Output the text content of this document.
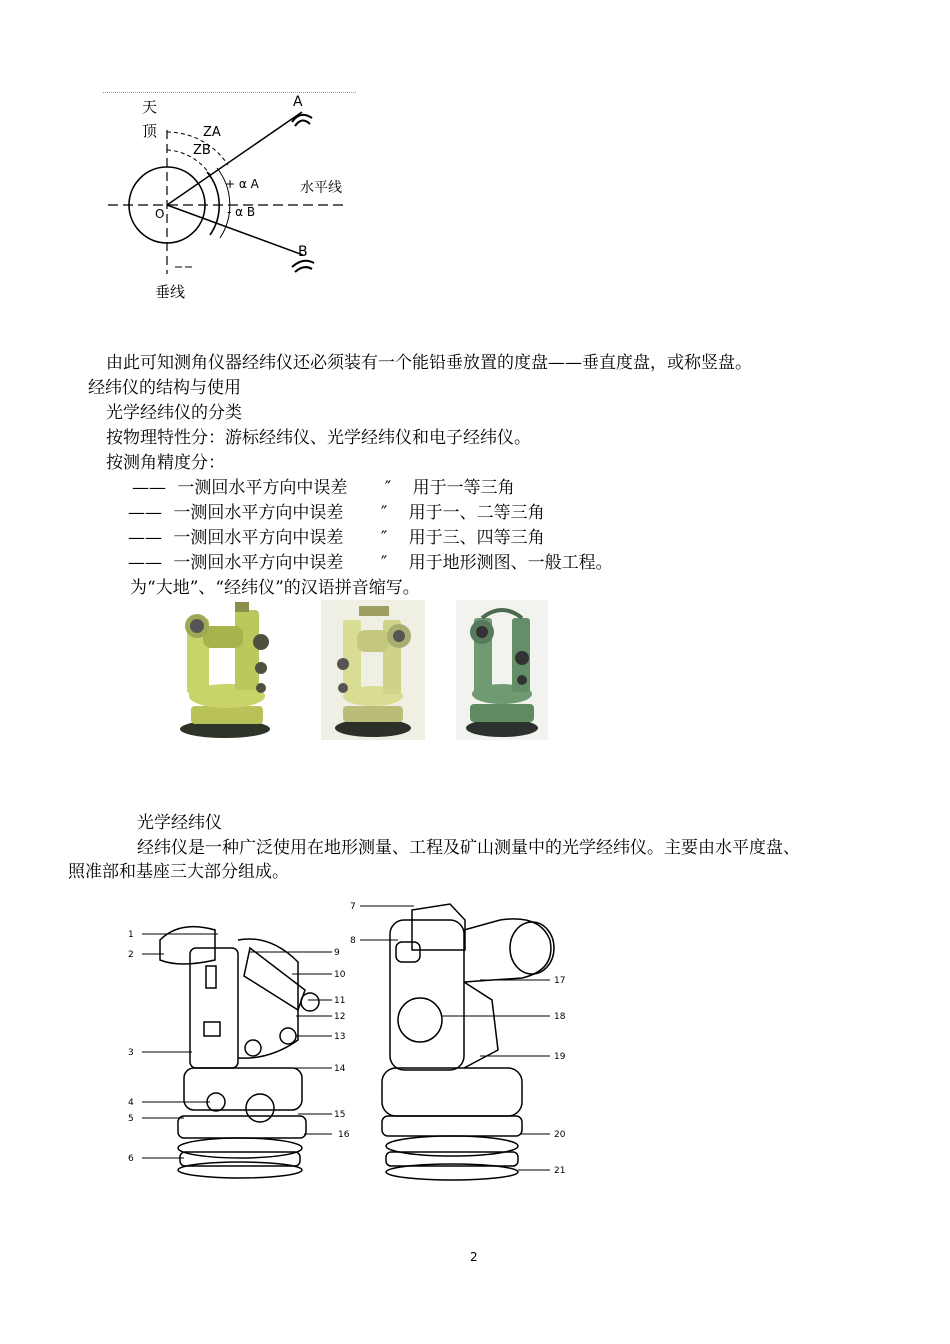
天
顶
A
B
ZA
ZB
+ α A
- α B
水平线
O
垂线
由此可知测角仪器经纬仪还必须装有一个能铅垂放置的度盘——垂直度盘，或称竖盘。
经纬仪的结构与使用
光学经纬仪的分类
按物理特性分：游标经纬仪、光学经纬仪和电子经纬仪。
按测角精度分：
—— 一测回水平方向中误差 ″ 用于一等三角
—— 一测回水平方向中误差 ″ 用于一、二等三角
—— 一测回水平方向中误差 ″ 用于三、四等三角
—— 一测回水平方向中误差 ″ 用于地形测图、一般工程。
为“大地”、“经纬仪”的汉语拼音缩写。
光学经纬仪
经纬仪是一种广泛使用在地形测量、工程及矿山测量中的光学经纬仪。主要由水平度盘、
照准部和基座三大部分组成。
1
2
3
4
5
6
9
10
11
12
13
14
15
16
7
8
17
18
19
20
21
2
